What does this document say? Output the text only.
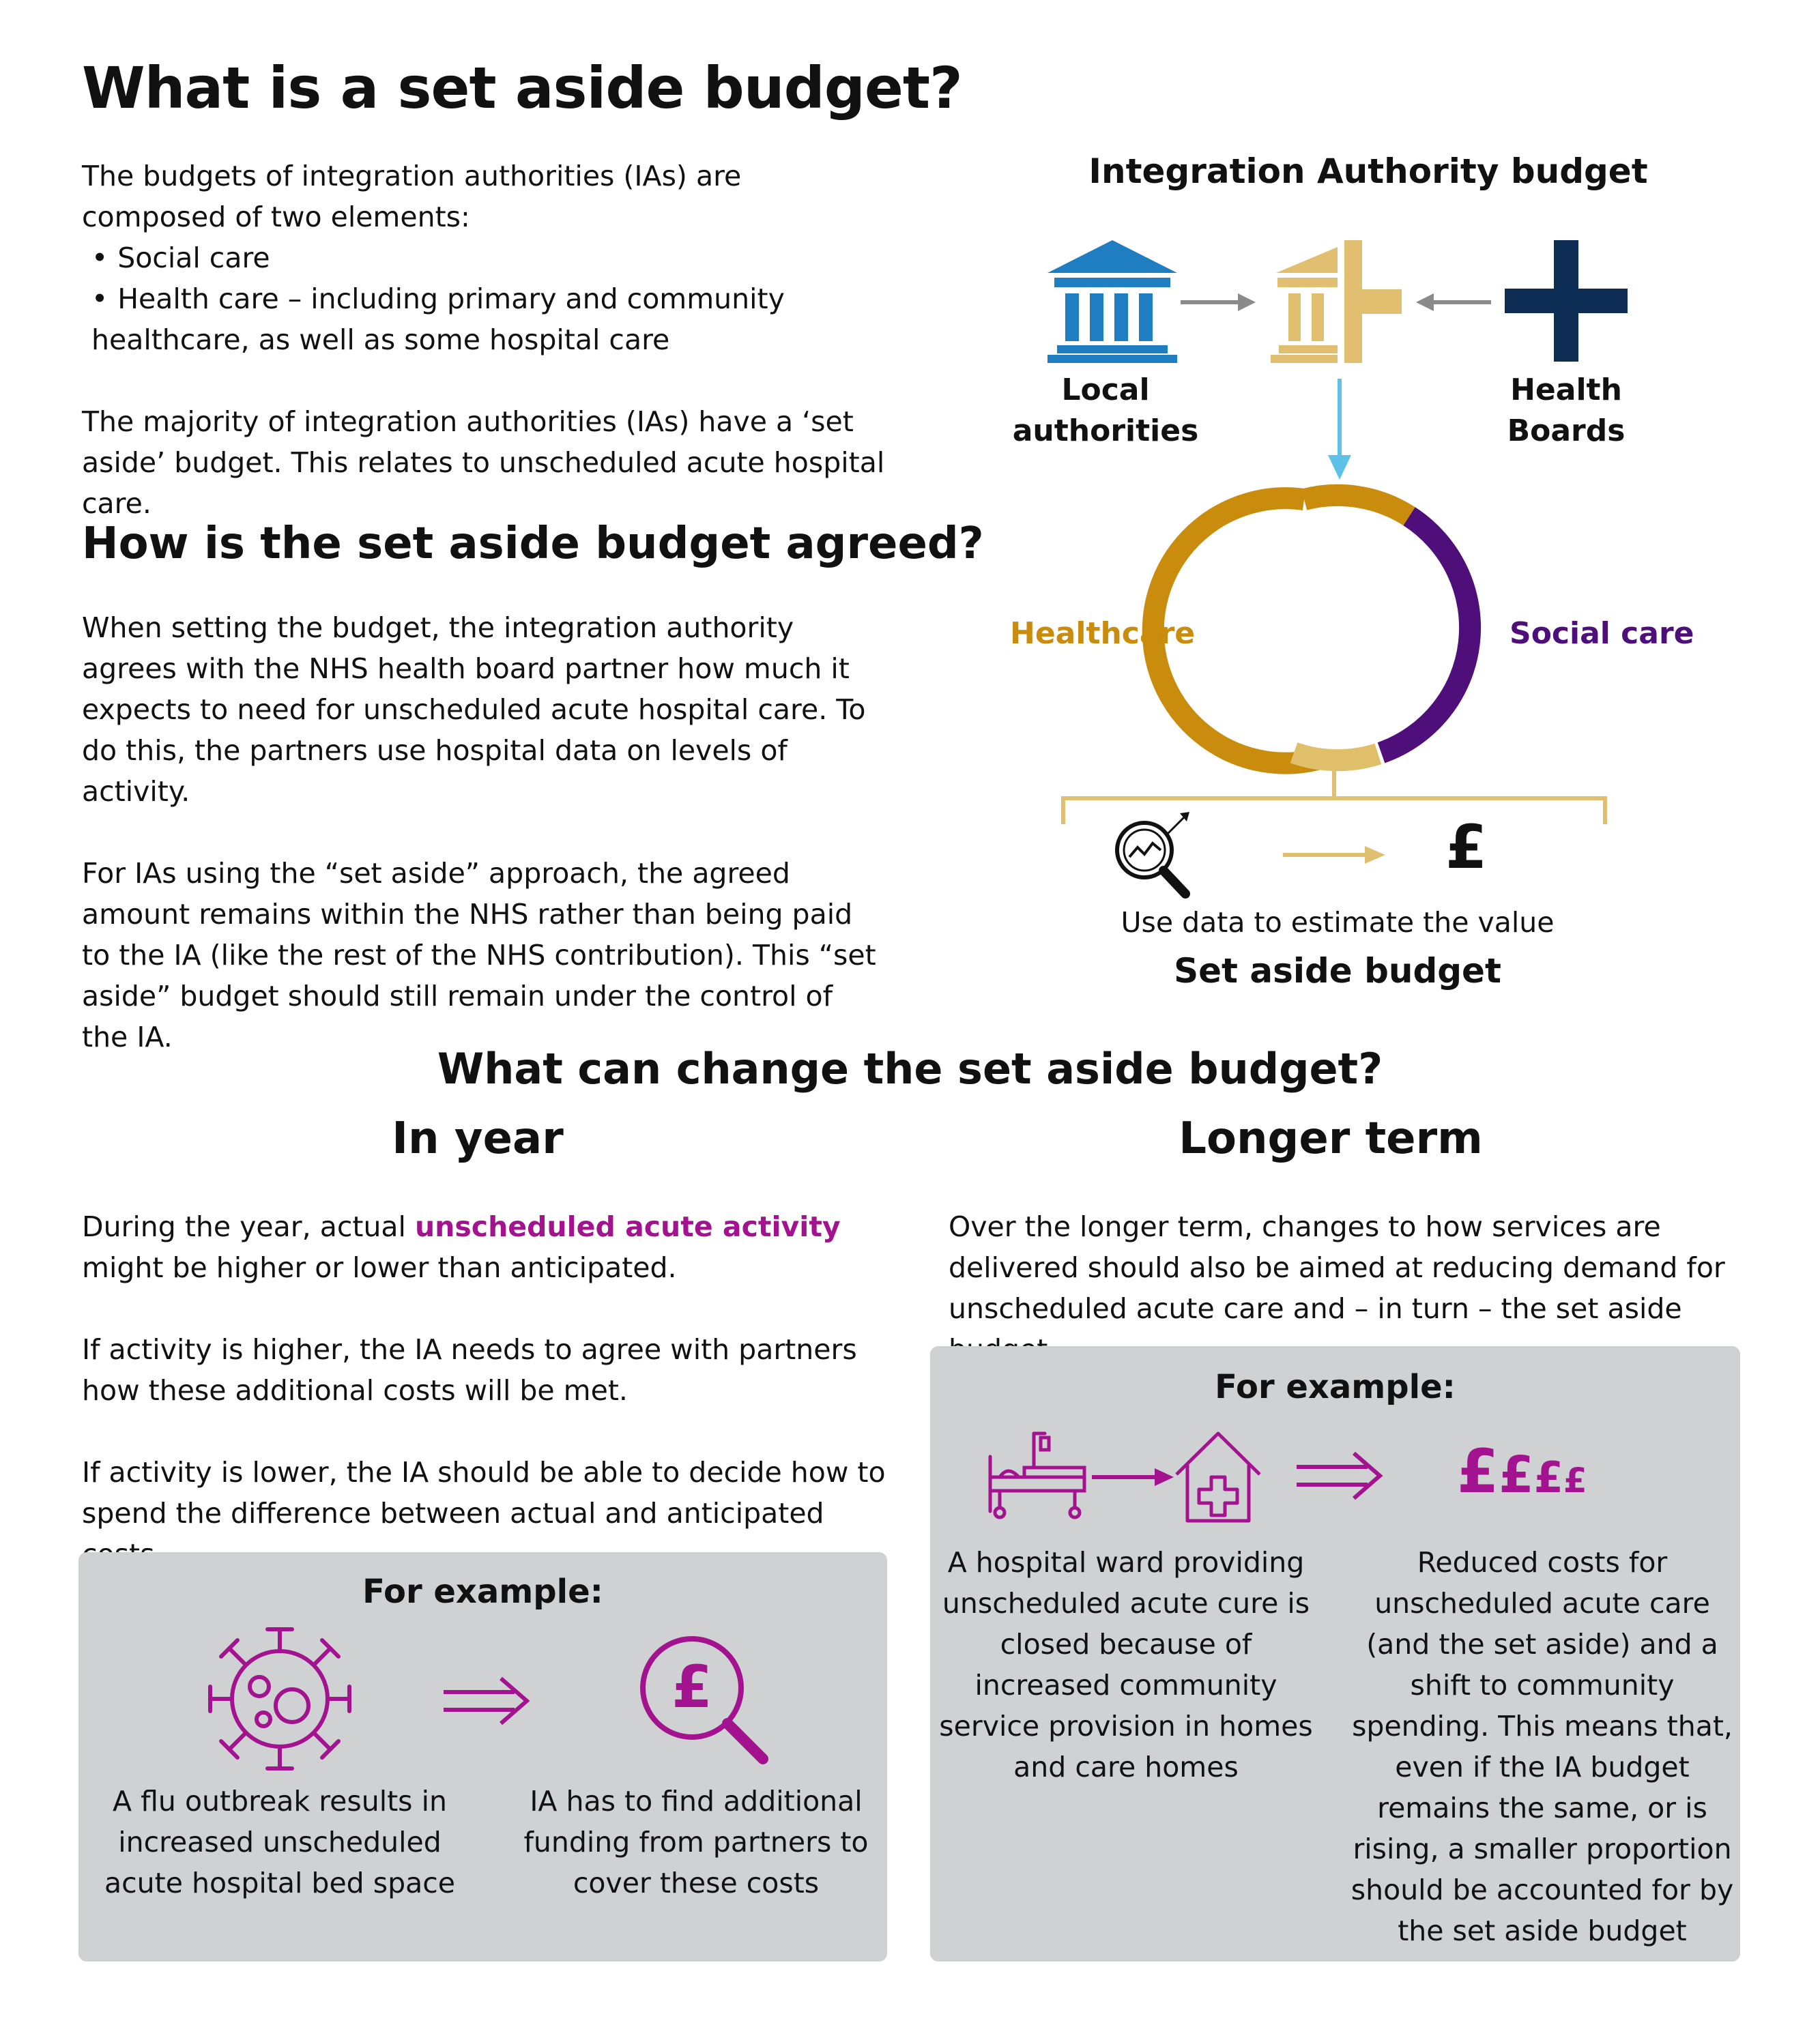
What is a set aside budget?

The budgets of integration authorities (IAs) are composed of two elements:

• Social care

• Health care – including primary and community healthcare, as well as some hospital care

The majority of integration authorities (IAs) have a ‘set aside’ budget. This relates to unscheduled acute hospital care.

How is the set aside budget agreed?

When setting the budget, the integration authority agrees with the NHS health board partner how much it expects to need for unscheduled acute hospital care. To do this, the partners use hospital data on levels of activity.

For IAs using the “set aside” approach, the agreed amount remains within the NHS rather than being paid to the IA (like the rest of the NHS contribution). This “set aside” budget should still remain under the control of the IA.

Integration Authority budget
Local authorities
Health Boards
Healthcare	Social care
£
Use data to estimate the value
Set aside budget
What can change the set aside budget?
In year	Longer term

During the year, actual unscheduled acute activity might be higher or lower than anticipated.

If activity is higher, the IA needs to agree with partners how these additional costs will be met.

If activity is lower, the IA should be able to decide how to spend the difference between actual and anticipated

Over the longer term, changes to how services are delivered should also be aimed at reducing demand for unscheduled acute care and – in turn – the set aside

For example:
£
A flu outbreak results in increased unscheduled acute hospital bed space
IA has to find additional funding from partners to cover these costs
For example:
££££
A hospital ward providing unscheduled acute cure is closed because of increased community service provision in homes and care homes
Reduced costs for unscheduled acute care (and the set aside) and a shift to community spending. This means that, even if the IA budget remains the same, or is rising, a smaller proportion should be accounted for by the set aside budget
